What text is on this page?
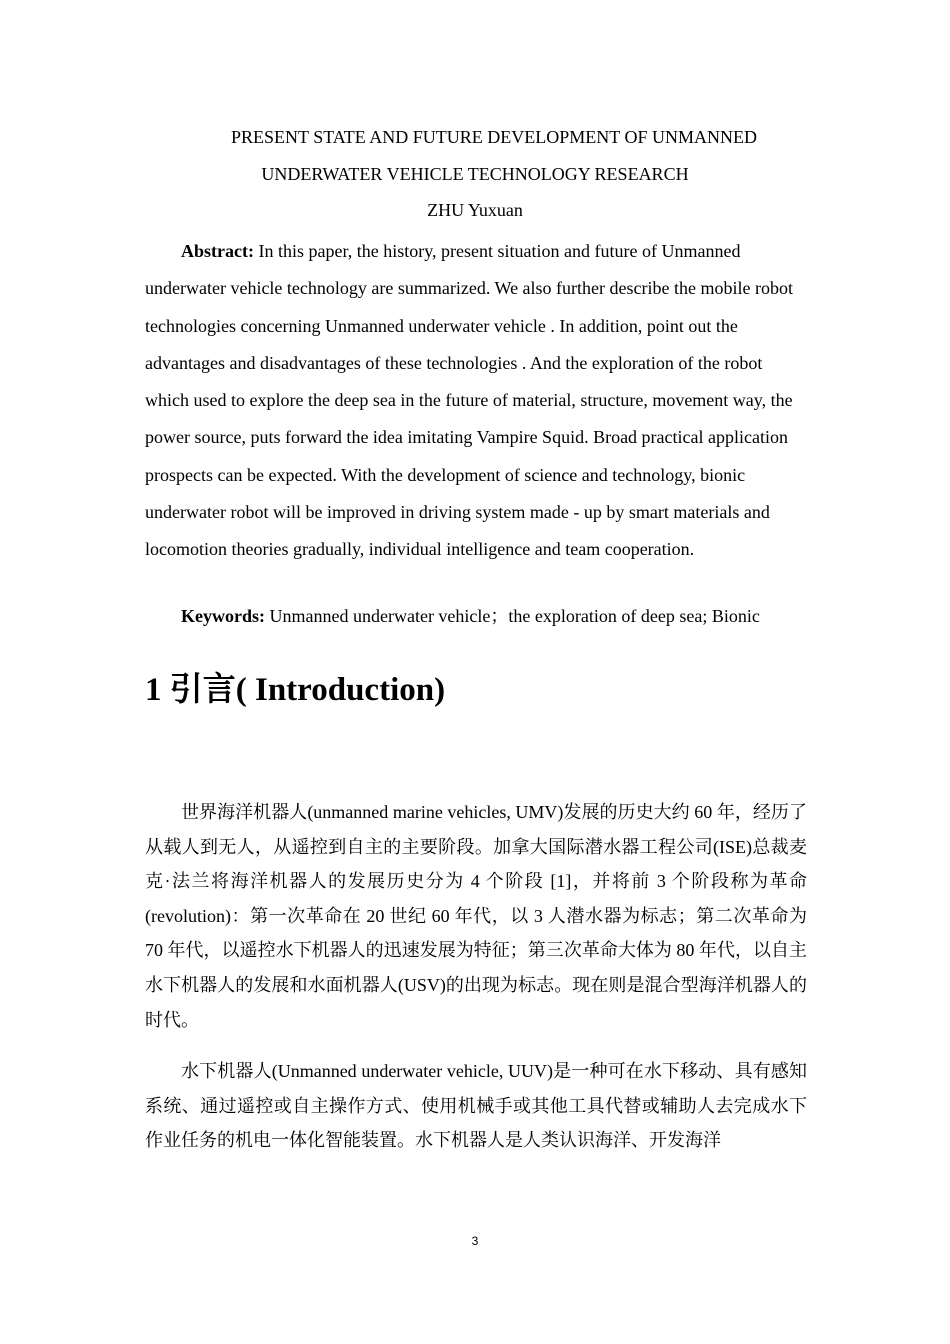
PRESENT STATE AND FUTURE DEVELOPMENT OF UNMANNED
UNDERWATER VEHICLE TECHNOLOGY RESEARCH
ZHU Yuxuan

Abstract: In this paper, the history, present situation and future of Unmanned underwater vehicle technology are summarized. We also further describe the mobile robot technologies concerning Unmanned underwater vehicle . In addition, point out the advantages and disadvantages of these technologies . And the exploration of the robot which used to explore the deep sea in the future of material, structure, movement way, the power source, puts forward the idea imitating Vampire Squid. Broad practical application prospects can be expected. With the development of science and technology, bionic underwater robot will be improved in driving system made - up by smart materials and locomotion theories gradually, individual intelligence and team cooperation.

Keywords: Unmanned underwater vehicle；the exploration of deep sea; Bionic

1 引言( Introduction)

世界海洋机器人(unmanned marine vehicles, UMV)发展的历史大约 60 年，经历了从载人到无人，从遥控到自主的主要阶段。加拿大国际潜水器工程公司(ISE)总裁麦克·法兰将海洋机器人的发展历史分为 4 个阶段 [1]，并将前 3 个阶段称为革命(revolution)：第一次革命在 20 世纪 60 年代，以 3 人潜水器为标志；第二次革命为 70 年代，以遥控水下机器人的迅速发展为特征；第三次革命大体为 80 年代，以自主水下机器人的发展和水面机器人(USV)的出现为标志。现在则是混合型海洋机器人的时代。

水下机器人(Unmanned underwater vehicle, UUV)是一种可在水下移动、具有感知系统、通过遥控或自主操作方式、使用机械手或其他工具代替或辅助人去完成水下作业任务的机电一体化智能装置。水下机器人是人类认识海洋、开发海洋

3
